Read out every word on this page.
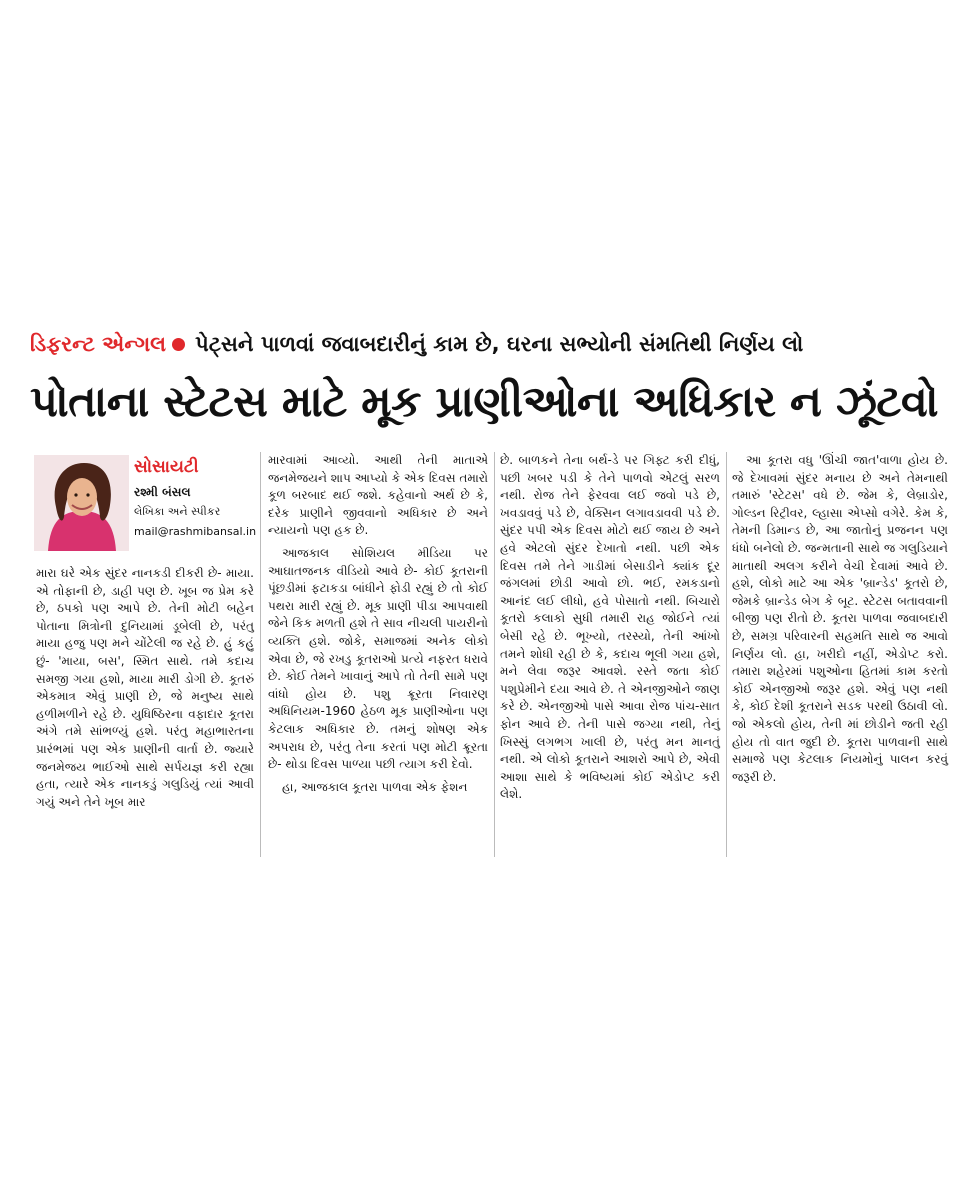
ડિફરન્ટ એન્ગલ પેટ્સને પાળવાં જવાબદારીનું કામ છે, ઘરના સભ્યોની સંમતિથી નિર્ણય લો
પોતાના સ્ટેટસ માટે મૂક પ્રાણીઓના અધિકાર ન ઝૂંટવો
સોસાયટી
રશ્મી બંસલ
લેખિકા અને સ્પીકર
mail@rashmibansal.in

મારા ઘરે એક સુંદર નાનકડી દીકરી છે- માયા. એ તોફાની છે, ડાહી પણ છે. ખૂબ જ પ્રેમ કરે છે, ઠપકો પણ આપે છે. તેની મોટી બહેન પોતાના મિત્રોની દુનિયામાં ડૂબેલી છે, પરંતુ માયા હજુ પણ મને ચોંટેલી જ રહે છે. હું કહું છું- 'માયા, બસ', સ્મિત સાથે. તમે કદાચ સમજી ગયા હશો, માયા મારી ડોગી છે. કૂતરું એકમાત્ર એવું પ્રાણી છે, જે મનુષ્ય સાથે હળીમળીને રહે છે. યુધિષ્ઠિરના વફાદાર કૂતરા અંગે તમે સાંભળ્યું હશે. પરંતુ મહાભારતના પ્રારંભમાં પણ એક પ્રાણીની વાર્તા છે. જ્યારે જનમેજય ભાઈઓ સાથે સર્પયજ્ઞ કરી રહ્યા હતા, ત્યારે એક નાનકડું ગલુડિયું ત્યાં આવી ગયું અને તેને ખૂબ માર

મારવામાં આવ્યો. આથી તેની માતાએ જનમેજયને શાપ આપ્યો કે એક દિવસ તમારો કૂળ બરબાદ થઈ જશે. કહેવાનો અર્થ છે કે, દરેક પ્રાણીને જીવવાનો અધિકાર છે અને ન્યાયનો પણ હક છે.

આજકાલ સોશિયલ મીડિયા પર આઘાતજનક વીડિયો આવે છે- કોઈ કૂતરાની પૂંછડીમાં ફટાકડા બાંધીને ફોડી રહ્યું છે તો કોઈ પથરા મારી રહ્યું છે. મૂક પ્રાણી પીડા આપવાથી જેને કિક મળતી હશે તે સાવ નીચલી પાયરીનો વ્યક્તિ હશે. જોકે, સમાજમાં અનેક લોકો એવા છે, જે રખડુ કૂતરાઓ પ્રત્યે નફરત ધરાવે છે. કોઈ તેમને ખાવાનું આપે તો તેની સામે પણ વાંધો હોય છે. પશુ ક્રૂરતા નિવારણ અધિનિયમ-1960 હેઠળ મૂક પ્રાણીઓના પણ કેટલાક અધિકાર છે. તમનું શોષણ એક અપરાધ છે, પરંતુ તેના કરતાં પણ મોટી ક્રૂરતા છે- થોડા દિવસ પાળ્યા પછી ત્યાગ કરી દેવો.

હા, આજકાલ કૂતરા પાળવા એક ફેશન

છે. બાળકને તેના બર્થ-ડે પર ગિફ્ટ કરી દીધું, પછી ખબર પડી કે તેને પાળવો એટલું સરળ નથી. રોજ તેને ફેરવવા લઈ જવો પડે છે, ખવડાવવું પડે છે, વેક્સિન લગાવડાવવી પડે છે. સુંદર પપી એક દિવસ મોટો થઈ જાય છે અને હવે એટલો સુંદર દેખાતો નથી. પછી એક દિવસ તમે તેને ગાડીમાં બેસાડીને ક્યાંક દૂર જંગલમાં છોડી આવો છો. ભઈ, રમકડાનો આનંદ લઈ લીધો, હવે પોસાતો નથી. બિચારો કૂતરો કલાકો સુધી તમારી રાહ જોઈને ત્યાં બેસી રહે છે. ભૂખ્યો, તરસ્યો, તેની આંખો તમને શોધી રહી છે કે, કદાચ ભૂલી ગયા હશે, મને લેવા જરૂર આવશે. રસ્તે જતા કોઈ પશુપ્રેમીને દયા આવે છે. તે એનજીઓને જાણ કરે છે. એનજીઓ પાસે આવા રોજ પાંચ-સાત ફોન આવે છે. તેની પાસે જગ્યા નથી, તેનું ખિસ્સું લગભગ ખાલી છે, પરંતુ મન માનતું નથી. એ લોકો કૂતરાને આશરો આપે છે, એવી આશા સાથે કે ભવિષ્યમાં કોઈ એડોપ્ટ કરી લેશે.

આ કૂતરા વધુ 'ઊંચી જાત'વાળા હોય છે. જે દેખાવમાં સુંદર મનાય છે અને તેમનાથી તમારું 'સ્ટેટસ' વધે છે. જેમ કે, લેબ્રાડોર, ગોલ્ડન રિટ્રીવર, લ્હાસા એપ્સો વગેરે. કેમ કે, તેમની ડિમાન્ડ છે, આ જાતોનું પ્રજનન પણ ધંધો બનેલો છે. જન્મતાની સાથે જ ગલુડિયાને માતાથી અલગ કરીને વેચી દેવામાં આવે છે. હશે, લોકો માટે આ એક 'બ્રાન્ડેડ' કૂતરો છે, જેમકે બ્રાન્ડેડ બેગ કે બૂટ. સ્ટેટસ બતાવવાની બીજી પણ રીતો છે. કૂતરા પાળવા જવાબદારી છે, સમગ્ર પરિવારની સહમતિ સાથે જ આવો નિર્ણય લો. હા, ખરીદો નહીં, એડોપ્ટ કરો. તમારા શહેરમાં પશુઓના હિતમાં કામ કરતો કોઈ એનજીઓ જરૂર હશે. એવું પણ નથી કે, કોઈ દેશી કૂતરાને સડક પરથી ઉઠાવી લો. જો એકલો હોય, તેની માં છોડીને જતી રહી હોય તો વાત જુદી છે. કૂતરા પાળવાની સાથે સમાજે પણ કેટલાક નિયમોનું પાલન કરવું જરૂરી છે.
